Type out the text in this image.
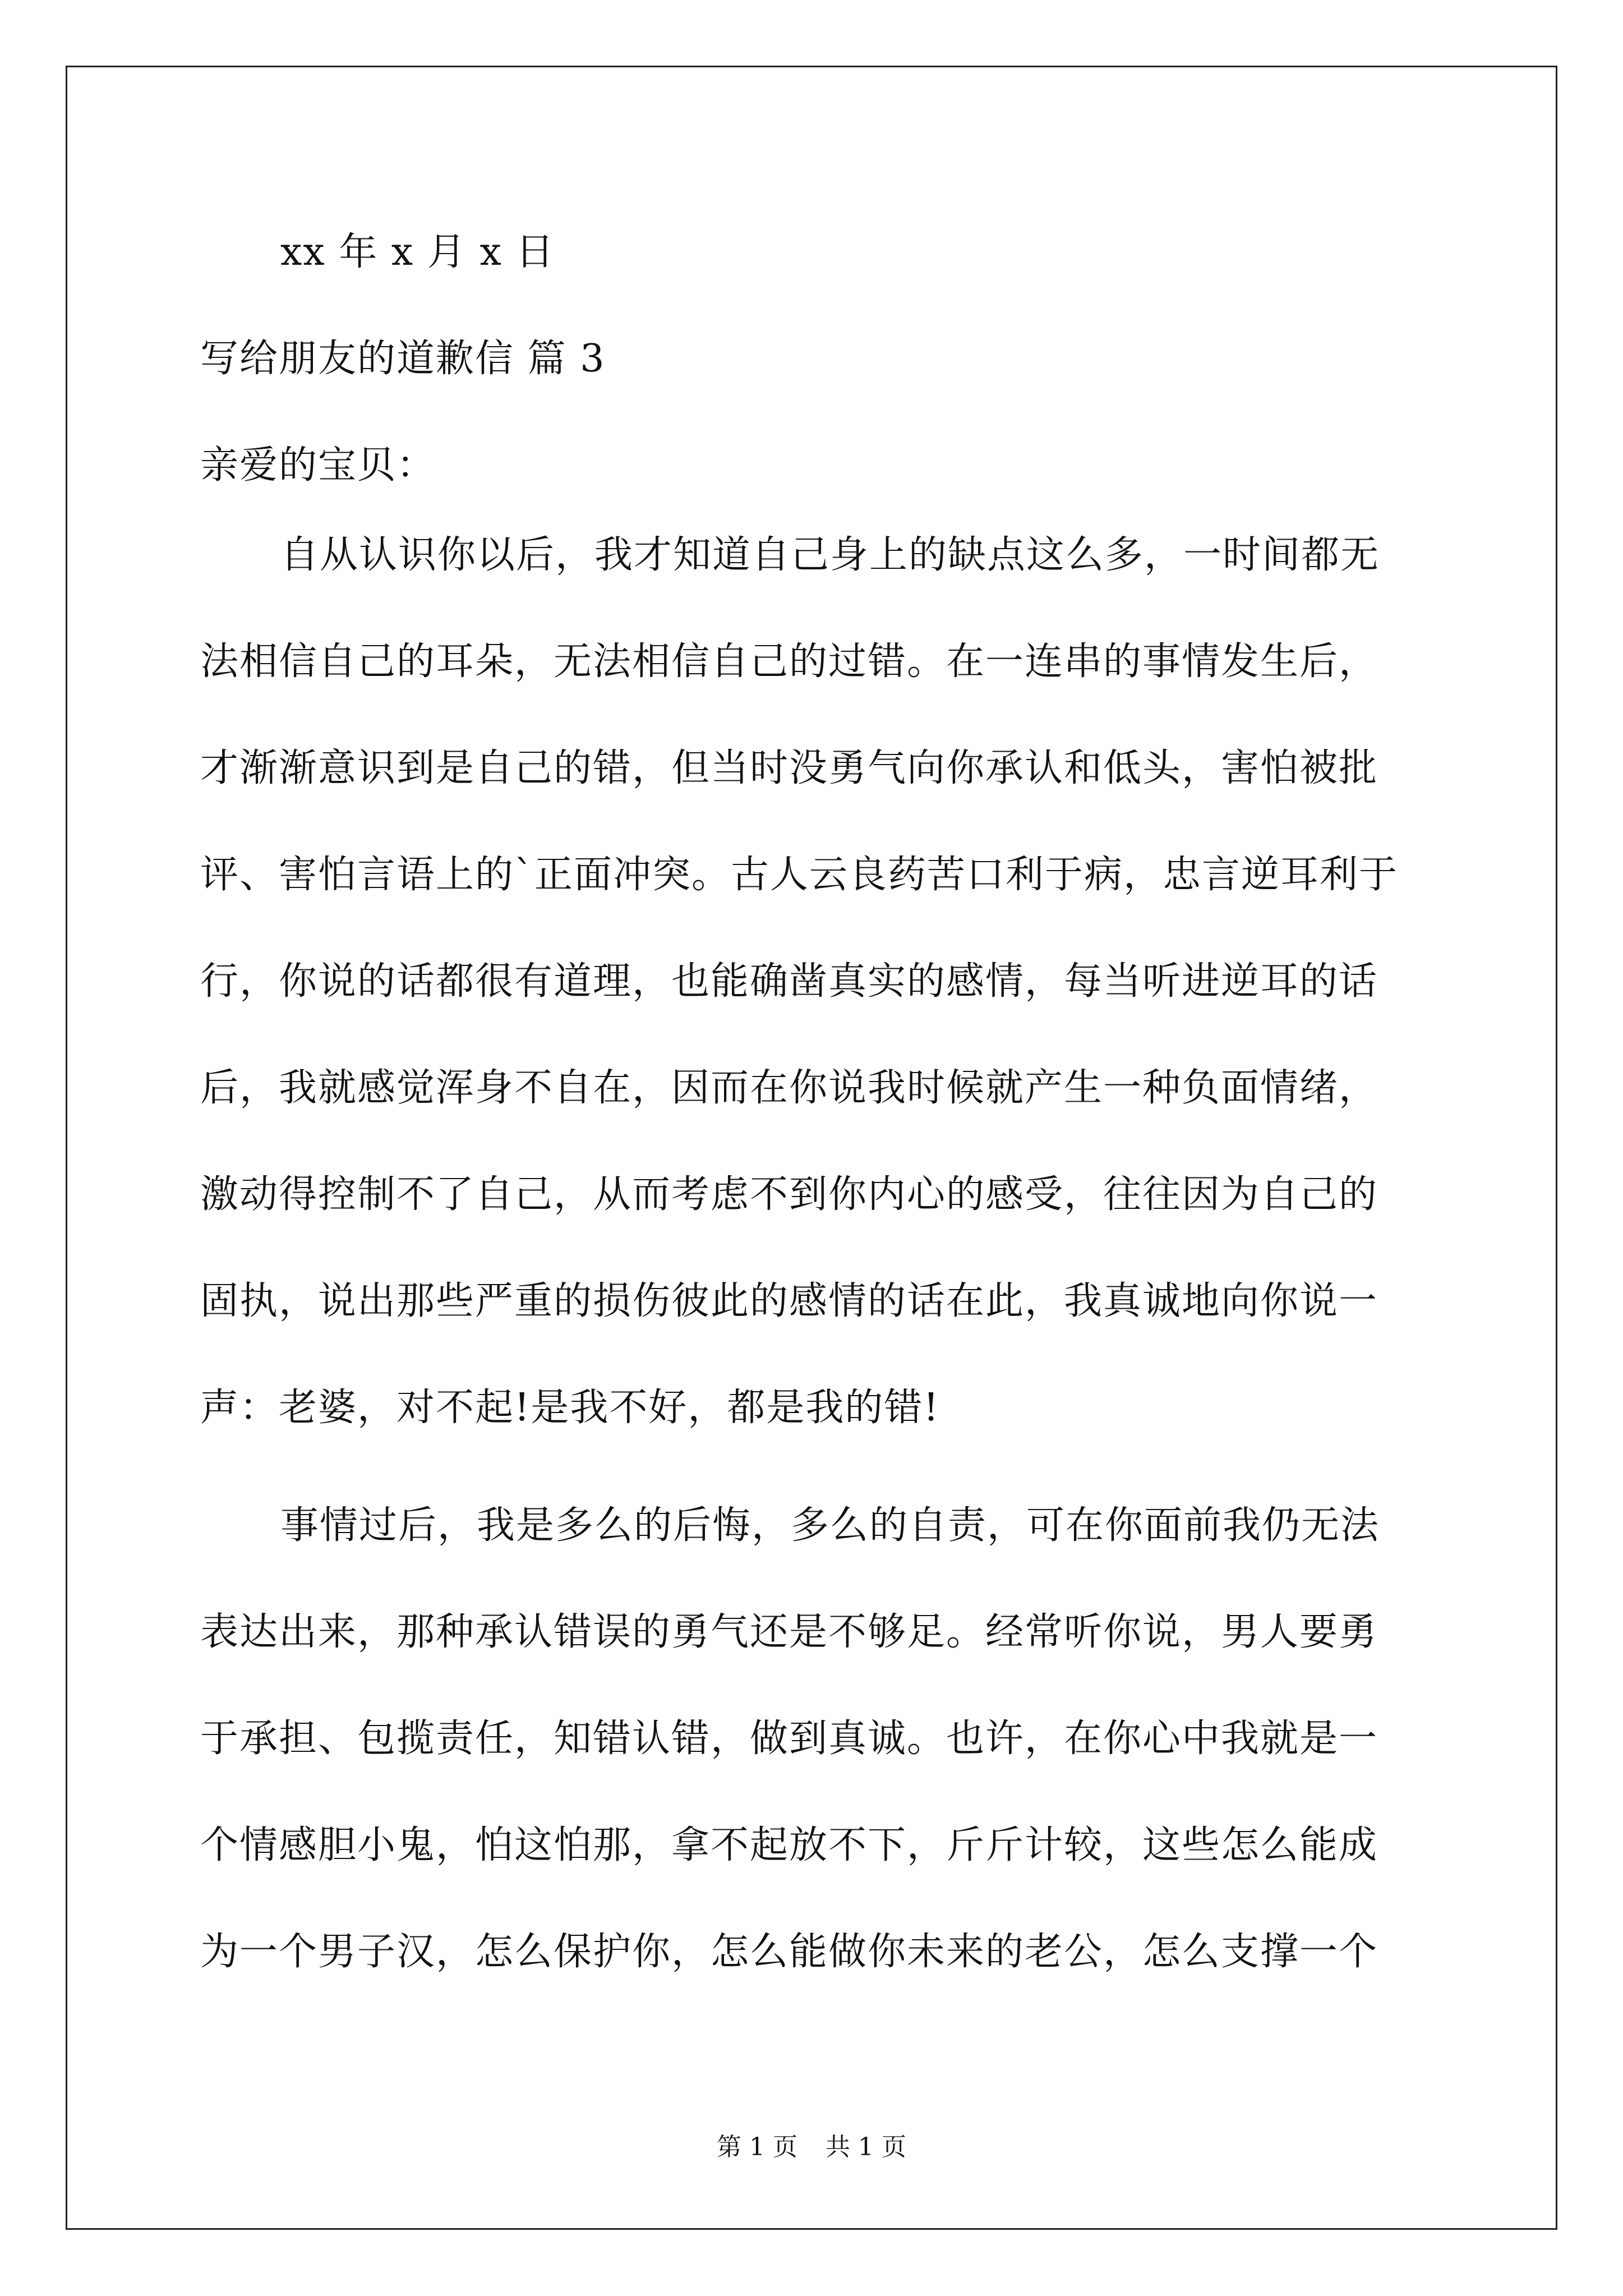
xx 年 x 月 x 日
写给朋友的道歉信 篇 3
亲爱的宝贝：
自从认识你以后，我才知道自己身上的缺点这么多，一时间都无
法相信自己的耳朵，无法相信自己的过错。在一连串的事情发生后，
才渐渐意识到是自己的错，但当时没勇气向你承认和低头，害怕被批
评、害怕言语上的`正面冲突。古人云良药苦口利于病，忠言逆耳利于
行，你说的话都很有道理，也能确凿真实的感情，每当听进逆耳的话
后，我就感觉浑身不自在，因而在你说我时候就产生一种负面情绪，
激动得控制不了自己，从而考虑不到你内心的感受，往往因为自己的
固执，说出那些严重的损伤彼此的感情的话在此，我真诚地向你说一
声：老婆，对不起!是我不好，都是我的错!
事情过后，我是多么的后悔，多么的自责，可在你面前我仍无法
表达出来，那种承认错误的勇气还是不够足。经常听你说，男人要勇
于承担、包揽责任，知错认错，做到真诚。也许，在你心中我就是一
个情感胆小鬼，怕这怕那，拿不起放不下，斤斤计较，这些怎么能成
为一个男子汉，怎么保护你，怎么能做你未来的老公，怎么支撑一个
第 1 页 共 1 页
